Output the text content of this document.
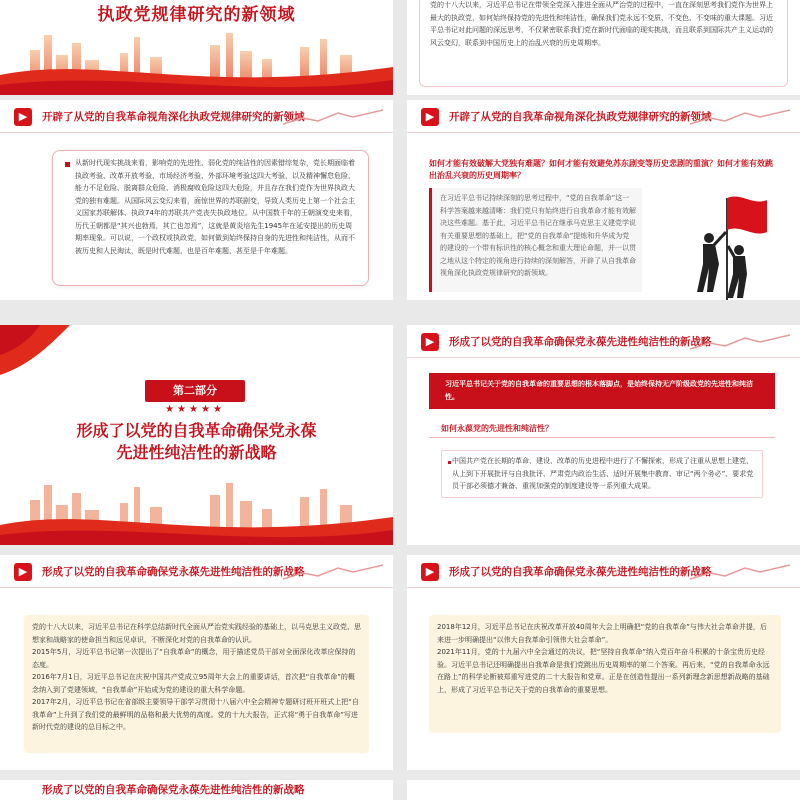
执政党规律研究的新领域	党的十八大以来，习近平总书记在带领全党深入推进全面从严治党的过程中，一直在深刻思考我们党作为世界上最大的执政党，如何始终保持党的先进性和纯洁性，确保我们党永远不变质、不变色、不变味的重大课题。习近平总书记对此问题的深远思考，不仅紧密联系我们党在新时代面临的现实挑战，而且联系到国际共产主义运动的风云变幻，联系到中国历史上的治乱兴衰的历史周期率。
▶	开辟了从党的自我革命视角深化执政党规律研究的新领域
从新时代现实挑战来看，影响党的先进性、弱化党的纯洁性的因素错综复杂，党长期面临着执政考验、改革开放考验、市场经济考验、外部环境考验这四大考验，以及精神懈怠危险、能力不足危险、脱离群众危险、消极腐败危险这四大危险，并且存在我们党作为世界执政大党的独有难题。从国际风云变幻来看，面惊世界的苏联剧变，导致人类历史上第一个社会主义国家苏联解体、执政74年的苏联共产党丧失执政地位。从中国数千年的王朝演变史来看，历代王朝都是“其兴也勃焉，其亡也忽焉”，这就是黄炎培先生1945年在延安提出的历史周期率现象。可以说，一个政权或执政党，如何做到始终保持自身的先进性和纯洁性，从而不被历史和人民淘汰，既是时代难题，也是百年难题，甚至是千年难题。
▶	开辟了从党的自我革命视角深化执政党规律研究的新领域
如何才能有效破解大党独有难题？如何才能有效避免苏东剧变等历史悲剧的重演？如何才能有效跳出治乱兴衰的历史周期率？
在习近平总书记持续深刻的思考过程中，“党的自我革命”这一科学答案越来越清晰：我们党只有始终进行自我革命才能有效解决这些难题。基于此，习近平总书记在继承马克思主义建党学说有关重要思想的基础上，把“党的自我革命”提炼和升华成为党的建设的一个带有标识性的核心概念和重大理论命题，并一以贯之地从这个特定的视角进行持续的深刻解答，开辟了从自我革命视角深化执政党规律研究的新领域。
第二部分
★★★★★
形成了以党的自我革命确保党永葆
先进性纯洁性的新战略
▶	形成了以党的自我革命确保党永葆先进性纯洁性的新战略
习近平总书记关于党的自我革命的重要思想的根本落脚点，是始终保持无产阶级政党的先进性和纯洁性。
如何永葆党的先进性和纯洁性？
中国共产党在长期的革命、建设、改革的历史进程中进行了不懈探索，形成了注重从思想上建党、从上到下开展批评与自我批评、严肃党内政治生活、适时开展集中教育、审记“两个务必”、要求党员干部必须德才兼备、重视加强党的制度建设等一系列重大成果。
▶	形成了以党的自我革命确保党永葆先进性纯洁性的新战略

党的十八大以来，习近平总书记在科学总结新时代全面从严治党实践经验的基础上，以马克思主义政党、思想家和战略家的使命担当和远见卓识，不断深化对党的自我革命的认识。

2015年5月，习近平总书记第一次提出了“自我革命”的概念，用于描述党员干部对全面深化改革应保持的态度。

2016年7月1日，习近平总书记在庆祝中国共产党成立95周年大会上的重要讲话，首次把“自我革命”的概念纳入到了党建领域，“自我革命”开始成为党的建设的重大科学命题。

2017年2月，习近平总书记在省部级主要领导干部学习贯彻十八届六中全会精神专题研讨班开班式上把“自我革命”上升到了我们党的最鲜明的品格和最大优势的高度。党的十九大报告，正式将“勇于自我革命”写进新时代党的建设的总目标之中。

▶	形成了以党的自我革命确保党永葆先进性纯洁性的新战略

2018年12月，习近平总书记在庆祝改革开放40周年大会上明确把“党的自我革命”与伟大社会革命并提，后来进一步明确提出“以伟大自我革命引领伟大社会革命”。

2021年11月，党的十九届六中全会通过的决议，把“坚持自我革命”纳入党百年奋斗积累的十条宝贵历史经验。习近平总书记还明确提出自我革命是我们党跳出历史周期率的第二个答案。再后来，“党的自我革命永远在路上”的科学论断被郑重写进党的二十大报告和党章。正是在创造性提出一系列新理念新思想新战略的基础上，形成了习近平总书记关于党的自我革命的重要思想。

形成了以党的自我革命确保党永葆先进性纯洁性的新战略
